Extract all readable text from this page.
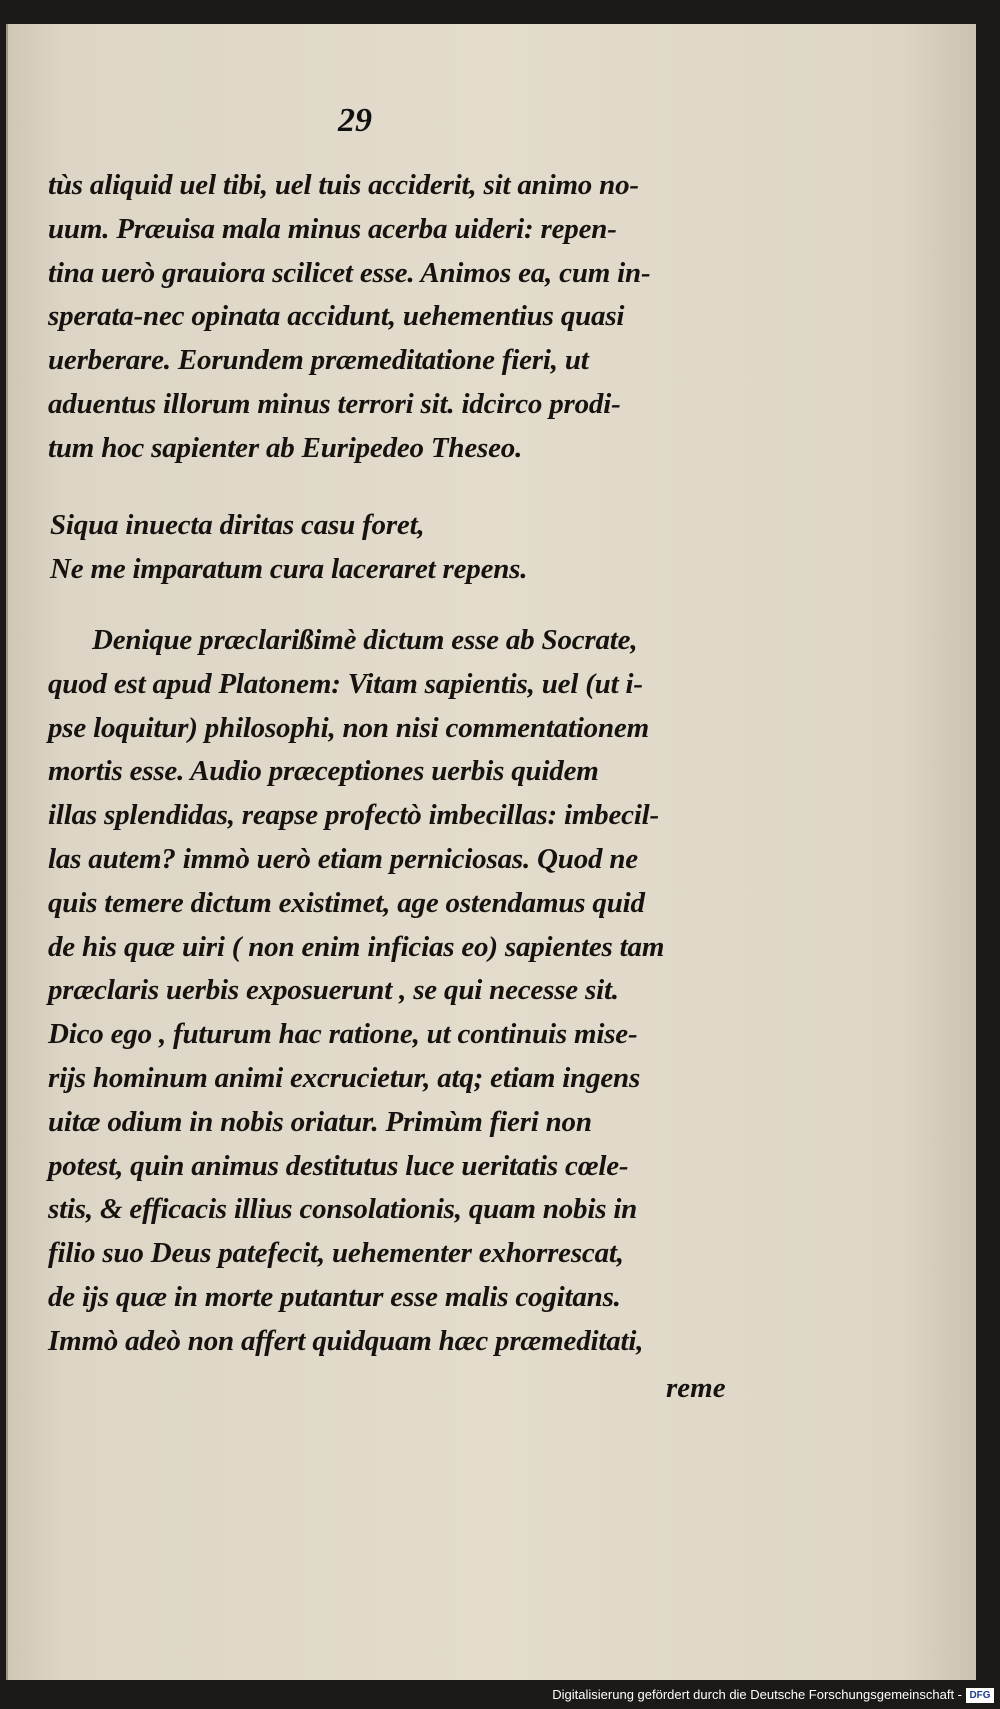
29
tùs aliquid uel tibi, uel tuis acciderit, sit animo no-
uum. Præuisa mala minus acerba uideri: repen-
tina uerò grauiora scilicet esse. Animos ea, cum in-
sperata-nec opinata accidunt, uehementius quasi
uerberare. Eorundem præmeditatione fieri, ut
aduentus illorum minus terrori sit. idcirco prodi-
tum hoc sapienter ab Euripedeo Theseo.
Siqua inuecta diritas casu foret,
Ne me imparatum cura laceraret repens.
Denique præclarißimè dictum esse ab Socrate,
quod est apud Platonem: Vitam sapientis, uel (ut i-
pse loquitur) philosophi, non nisi commentationem
mortis esse. Audio præceptiones uerbis quidem
illas splendidas, reapse profectò imbecillas: imbecil-
las autem? immò uerò etiam perniciosas. Quod ne
quis temere dictum existimet, age ostendamus quid
de his quæ uiri ( non enim inficias eo) sapientes tam
præclaris uerbis exposuerunt , se qui necesse sit.
Dico ego , futurum hac ratione, ut continuis mise-
rijs hominum animi excrucietur, atq; etiam ingens
uitæ odium in nobis oriatur. Primùm fieri non
potest, quin animus destitutus luce ueritatis cœle-
stis, & efficacis illius consolationis, quam nobis in
filio suo Deus patefecit, uehementer exhorrescat,
de ijs quæ in morte putantur esse malis cogitans.
Immò adeò non affert quidquam hæc præmeditati,
reme
Digitalisierung gefördert durch die Deutsche Forschungsgemeinschaft - DFG
